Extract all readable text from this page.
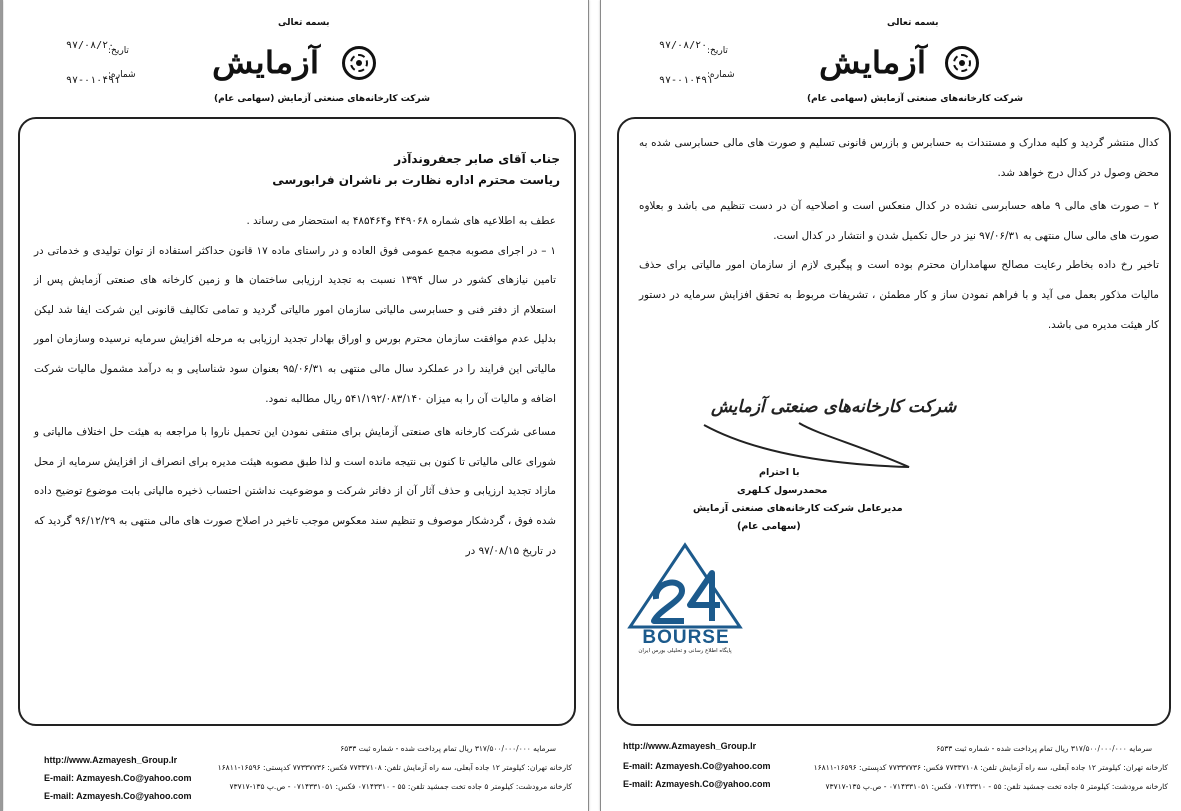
بسمه تعالی
آزمایش
شرکت کارخانه‌های صنعتی آزمایش (سهامی عام)
تاریخ:
۹۷/۰۸/۲۰
شماره:
۹۷-۰۱۰۴۹۱
جناب آقای صابر جعفروندآذر
ریاست محترم اداره نظارت بر ناشران فرابورسی

عطف به اطلاعیه های شماره ۴۴۹۰۶۸ و۴۸۵۴۶۴ به استحضار می رساند .

۱ – در اجرای مصوبه مجمع عمومی فوق العاده و در راستای ماده ۱۷ قانون حداکثر استفاده از توان تولیدی و خدماتی در تامین نیازهای کشور در سال ۱۳۹۴ نسبت به تجدید ارزیابی ساختمان ها و زمین کارخانه های صنعتی آزمایش پس از استعلام از دفتر فنی و حسابرسی مالیاتی سازمان امور مالیاتی گردید و تمامی تکالیف قانونی این شرکت ایفا شد لیکن بدلیل عدم موافقت سازمان محترم بورس و اوراق بهادار تجدید ارزیابی به مرحله افزایش سرمایه نرسیده وسازمان امور مالیاتی این فرایند را در عملکرد سال مالی منتهی به ۹۵/۰۶/۳۱ بعنوان سود شناسایی و به درآمد مشمول مالیات شرکت اضافه و مالیات آن را به میزان ۵۴۱/۱۹۲/۰۸۳/۱۴۰ ریال مطالبه نمود.

مساعی شرکت کارخانه های صنعتی آزمایش برای منتفی نمودن این تحمیل ناروا با مراجعه به هیئت حل اختلاف مالیاتی و شورای عالی مالیاتی تا کنون بی نتیجه مانده است و لذا طبق مصوبه هیئت مدیره برای انصراف از افزایش سرمایه از محل مازاد تجدید ارزیابی و حذف آثار آن از دفاتر شرکت و موضوعیت نداشتن احتساب ذخیره مالیاتی بابت موضوع توضیح داده شده فوق ، گردشکار موصوف و تنظیم سند معکوس موجب تاخیر در اصلاح صورت های مالی منتهی به ۹۶/۱۲/۲۹ گردید که در تاریخ ۹۷/۰۸/۱۵ در

سرمایه ۳۱۷/۵۰۰/۰۰۰/۰۰۰ ریال تمام پرداخت شده - شماره ثبت ۶۵۳۳
کارخانه تهران: کیلومتر ۱۲ جاده آبعلی، سه راه آزمایش تلفن: ۷۷۳۳۷۱۰۸ فکس: ۷۷۳۳۷۷۳۶ کدپستی: ۱۶۵۹۶-۱۶۸۱۱
کارخانه مرودشت: کیلومتر ۵ جاده تخت جمشید تلفن: ۵۵ - ۰۷۱۴۳۳۱۰ فکس: ۰۷۱۴۳۳۱۰۵۱ - ص.پ ۱۳۵-۷۳۷۱۷
http://www.Azmayesh_Group.Ir
E-mail: Azmayesh.Co@yahoo.com
E-mail: Azmayesh.Co@yahoo.com
بسمه تعالی
آزمایش
شرکت کارخانه‌های صنعتی آزمایش (سهامی عام)
تاریخ:
۹۷/۰۸/۲۰
شماره:
۹۷-۰۱۰۴۹۱

کدال منتشر گردید و کلیه مدارک و مستندات به حسابرس و بازرس قانونی تسلیم و صورت های مالی حسابرسی شده به محض وصول در کدال درج خواهد شد.

۲ – صورت های مالی ۹ ماهه حسابرسی نشده در کدال منعکس است و اصلاحیه آن در دست تنظیم می باشد و بعلاوه صورت های مالی سال منتهی به ۹۷/۰۶/۳۱ نیز در حال تکمیل شدن و انتشار در کدال است.

تاخیر رخ داده بخاطر رعایت مصالح سهامداران محترم بوده است و پیگیری لازم از سازمان امور مالیاتی برای حذف مالیات مذکور بعمل می آید و با فراهم نمودن ساز و کار مطمئن ، تشریفات مربوط به تحقق افزایش سرمایه در دستور کار هیئت مدیره می باشد.

شرکت کارخانه‌های صنعتی آزمایش
با احترام
محمدرسول کـلهری
مدیرعامل شرکت کارخانه‌های صنعتی آزمایش
(سهامی عام)
سرمایه ۳۱۷/۵۰۰/۰۰۰/۰۰۰ ریال تمام پرداخت شده - شماره ثبت ۶۵۳۳
کارخانه تهران: کیلومتر ۱۲ جاده آبعلی، سه راه آزمایش تلفن: ۷۷۳۳۷۱۰۸ فکس: ۷۷۳۳۷۷۳۶ کدپستی: ۱۶۵۹۶-۱۶۸۱۱
کارخانه مرودشت: کیلومتر ۵ جاده تخت جمشید تلفن: ۵۵ - ۰۷۱۴۳۳۱۰ فکس: ۰۷۱۴۳۳۱۰۵۱ - ص.پ ۱۳۵-۷۳۷۱۷
http://www.Azmayesh_Group.Ir
E-mail: Azmayesh.Co@yahoo.com
E-mail: Azmayesh.Co@yahoo.com
BOURSE
پایگاه اطلاع رسانی و تحلیلی بورس ایران
